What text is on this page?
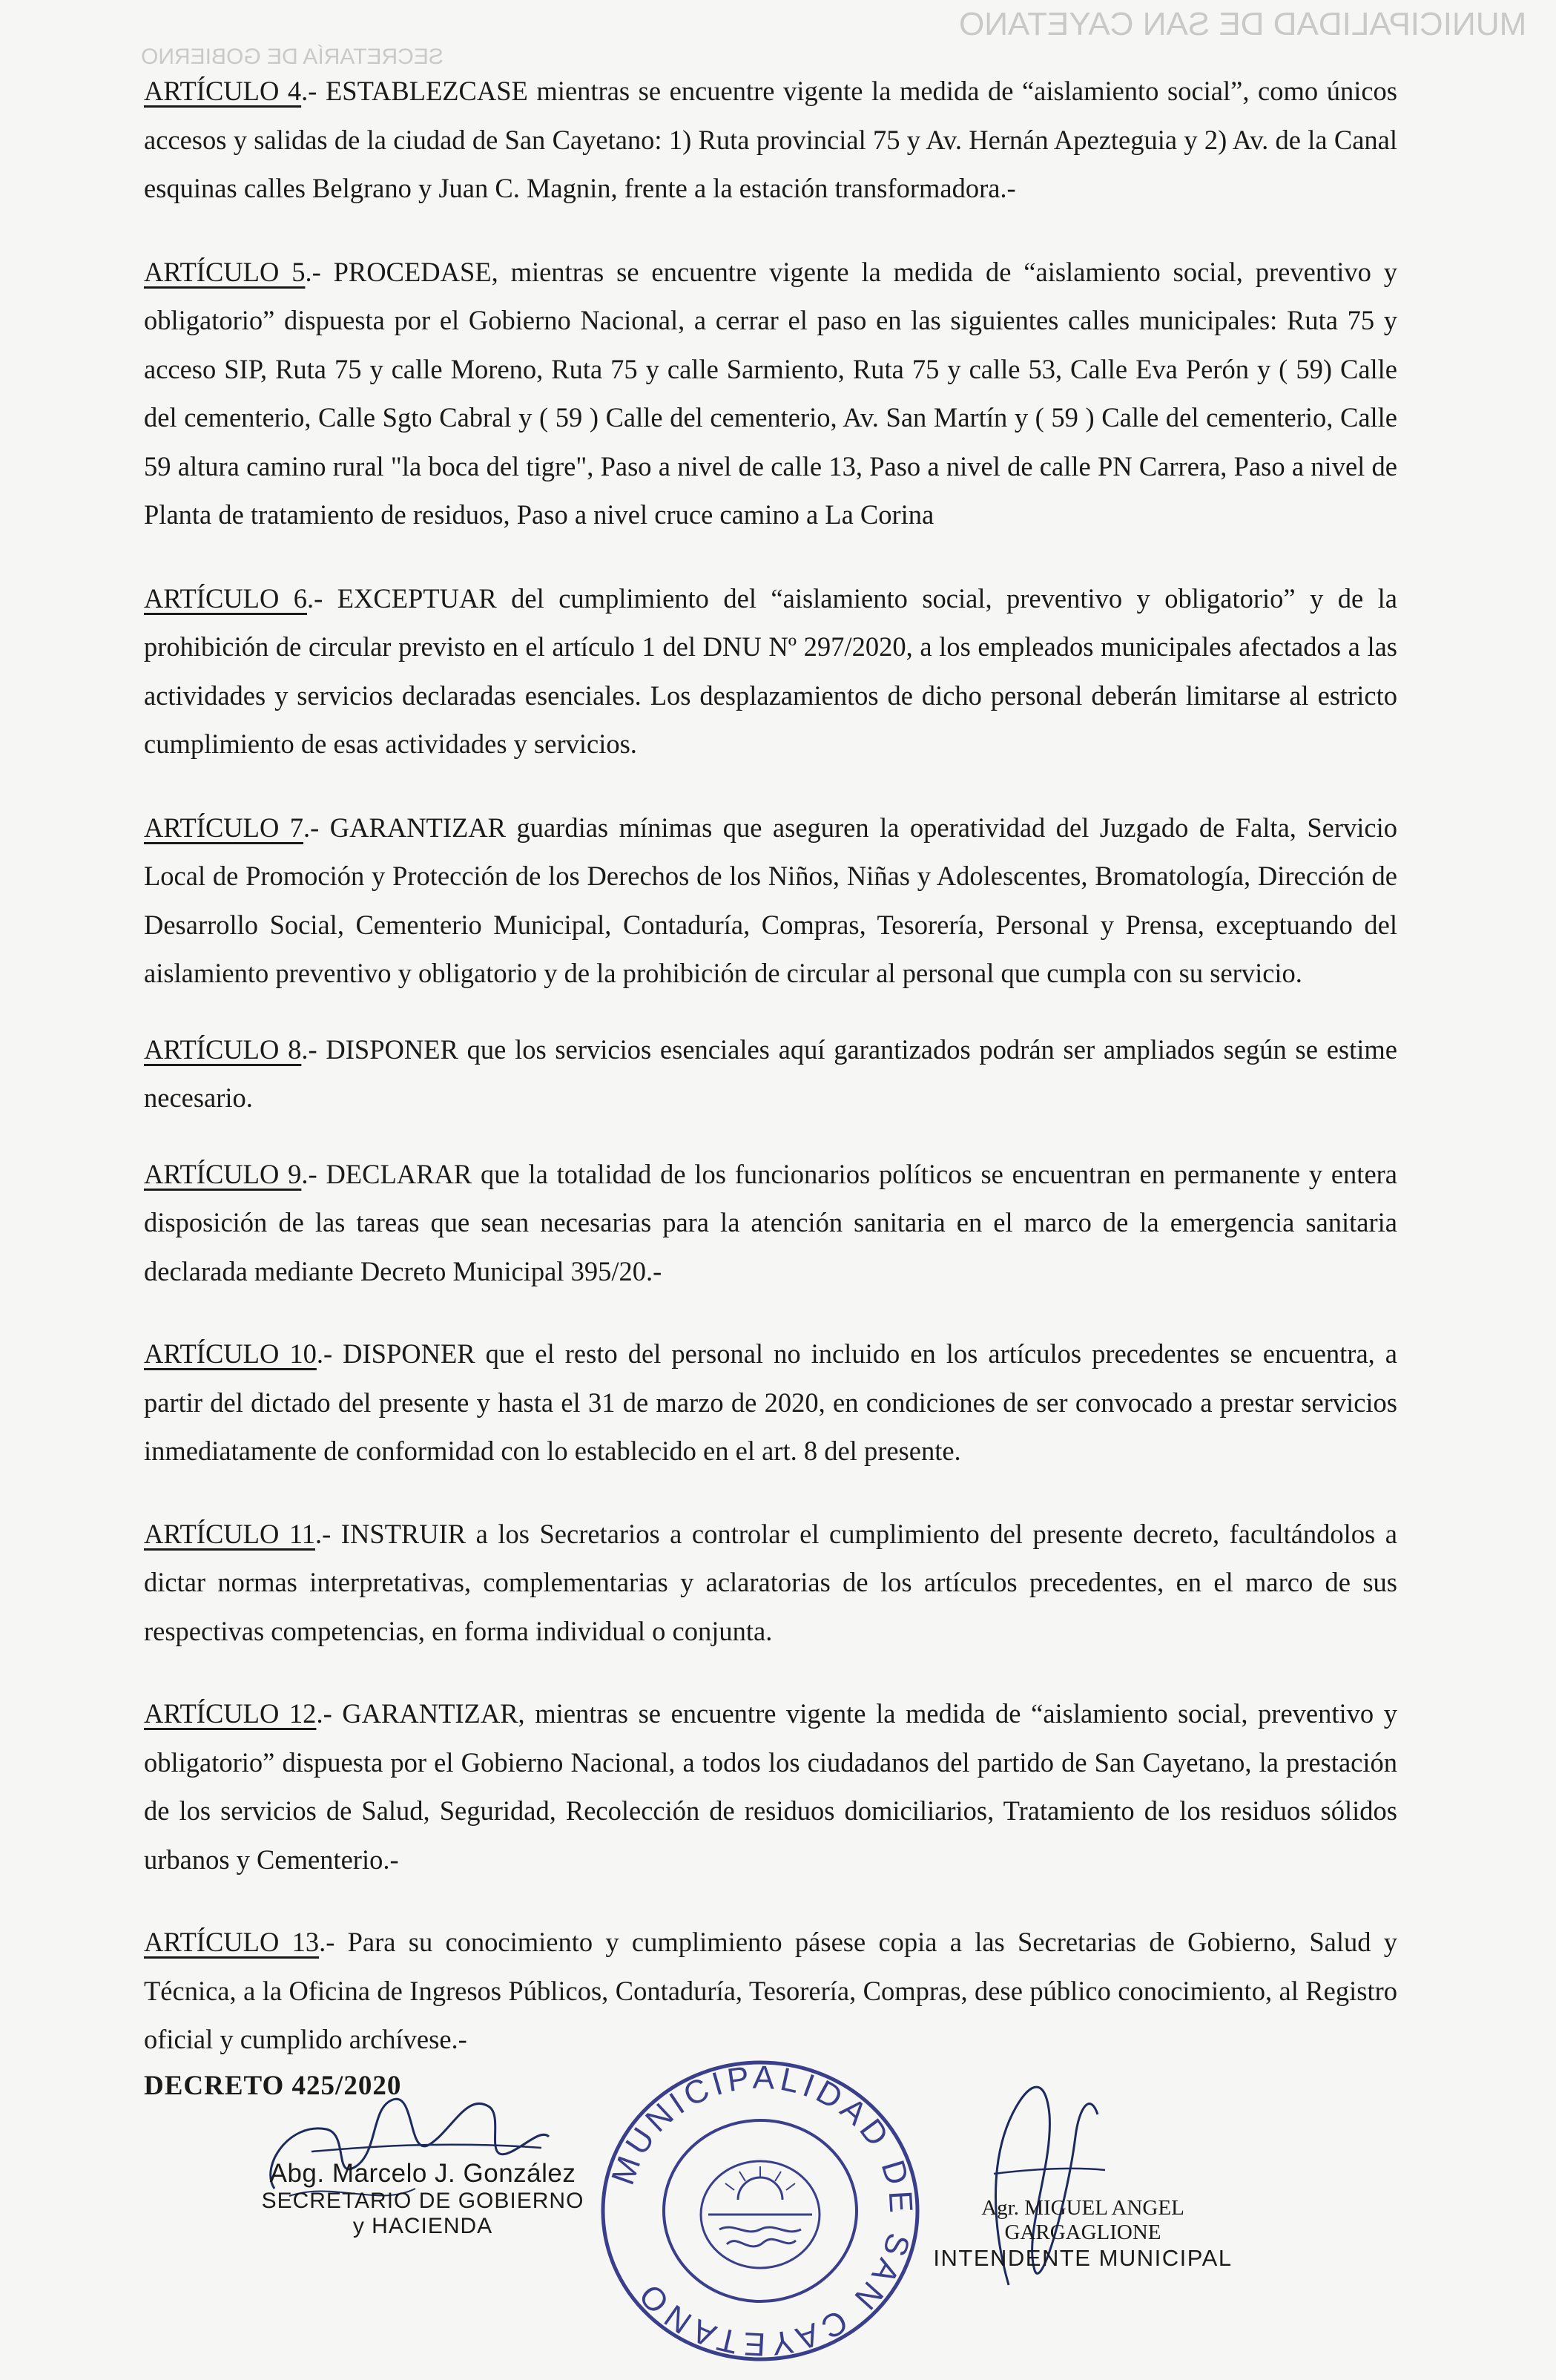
MUNICIPALIDAD DE SAN CAYETANO
SECRETARÍA DE GOBIERNO

ARTÍCULO 4.- ESTABLEZCASE mientras se encuentre vigente la medida de “aislamiento social”, como únicos accesos y salidas de la ciudad de San Cayetano: 1) Ruta provincial 75 y Av. Hernán Apezteguia y 2) Av. de la Canal esquinas calles Belgrano y Juan C. Magnin, frente a la estación transformadora.-

ARTÍCULO 5.- PROCEDASE, mientras se encuentre vigente la medida de “aislamiento social, preventivo y obligatorio” dispuesta por el Gobierno Nacional, a cerrar el paso en las siguientes calles municipales: Ruta 75 y acceso SIP, Ruta 75 y calle Moreno, Ruta 75 y calle Sarmiento, Ruta 75 y calle 53, Calle Eva Perón y ( 59) Calle del cementerio, Calle Sgto Cabral y ( 59 ) Calle del cementerio, Av. San Martín y ( 59 ) Calle del cementerio, Calle 59 altura camino rural "la boca del tigre", Paso a nivel de calle 13, Paso a nivel de calle PN Carrera, Paso a nivel de Planta de tratamiento de residuos, Paso a nivel cruce camino a La Corina

ARTÍCULO 6.- EXCEPTUAR del cumplimiento del “aislamiento social, preventivo y obligatorio” y de la prohibición de circular previsto en el artículo 1 del DNU Nº 297/2020, a los empleados municipales afectados a las actividades y servicios declaradas esenciales. Los desplazamientos de dicho personal deberán limitarse al estricto cumplimiento de esas actividades y servicios.

ARTÍCULO 7.- GARANTIZAR guardias mínimas que aseguren la operatividad del Juzgado de Falta, Servicio Local de Promoción y Protección de los Derechos de los Niños, Niñas y Adolescentes, Bromatología, Dirección de Desarrollo Social, Cementerio Municipal, Contaduría, Compras, Tesorería, Personal y Prensa, exceptuando del aislamiento preventivo y obligatorio y de la prohibición de circular al personal que cumpla con su servicio.

ARTÍCULO 8.- DISPONER que los servicios esenciales aquí garantizados podrán ser ampliados según se estime necesario.

ARTÍCULO 9.- DECLARAR que la totalidad de los funcionarios políticos se encuentran en permanente y entera disposición de las tareas que sean necesarias para la atención sanitaria en el marco de la emergencia sanitaria declarada mediante Decreto Municipal 395/20.-

ARTÍCULO 10.- DISPONER que el resto del personal no incluido en los artículos precedentes se encuentra, a partir del dictado del presente y hasta el 31 de marzo de 2020, en condiciones de ser convocado a prestar servicios inmediatamente de conformidad con lo establecido en el art. 8 del presente.

ARTÍCULO 11.- INSTRUIR a los Secretarios a controlar el cumplimiento del presente decreto, facultándolos a dictar normas interpretativas, complementarias y aclaratorias de los artículos precedentes, en el marco de sus respectivas competencias, en forma individual o conjunta.

ARTÍCULO 12.- GARANTIZAR, mientras se encuentre vigente la medida de “aislamiento social, preventivo y obligatorio” dispuesta por el Gobierno Nacional, a todos los ciudadanos del partido de San Cayetano, la prestación de los servicios de Salud, Seguridad, Recolección de residuos domiciliarios, Tratamiento de los residuos sólidos urbanos y Cementerio.-

ARTÍCULO 13.- Para su conocimiento y cumplimiento pásese copia a las Secretarias de Gobierno, Salud y Técnica, a la Oficina de Ingresos Públicos, Contaduría, Tesorería, Compras, dese público conocimiento, al Registro oficial y cumplido archívese.-

DECRETO 425/2020
Abg. Marcelo J. González
SECRETARIO DE GOBIERNO
y HACIENDA
MUNICIPALIDAD DE SAN CAYETANO
Agr. MIGUEL ANGEL GARGAGLIONE
INTENDENTE MUNICIPAL
